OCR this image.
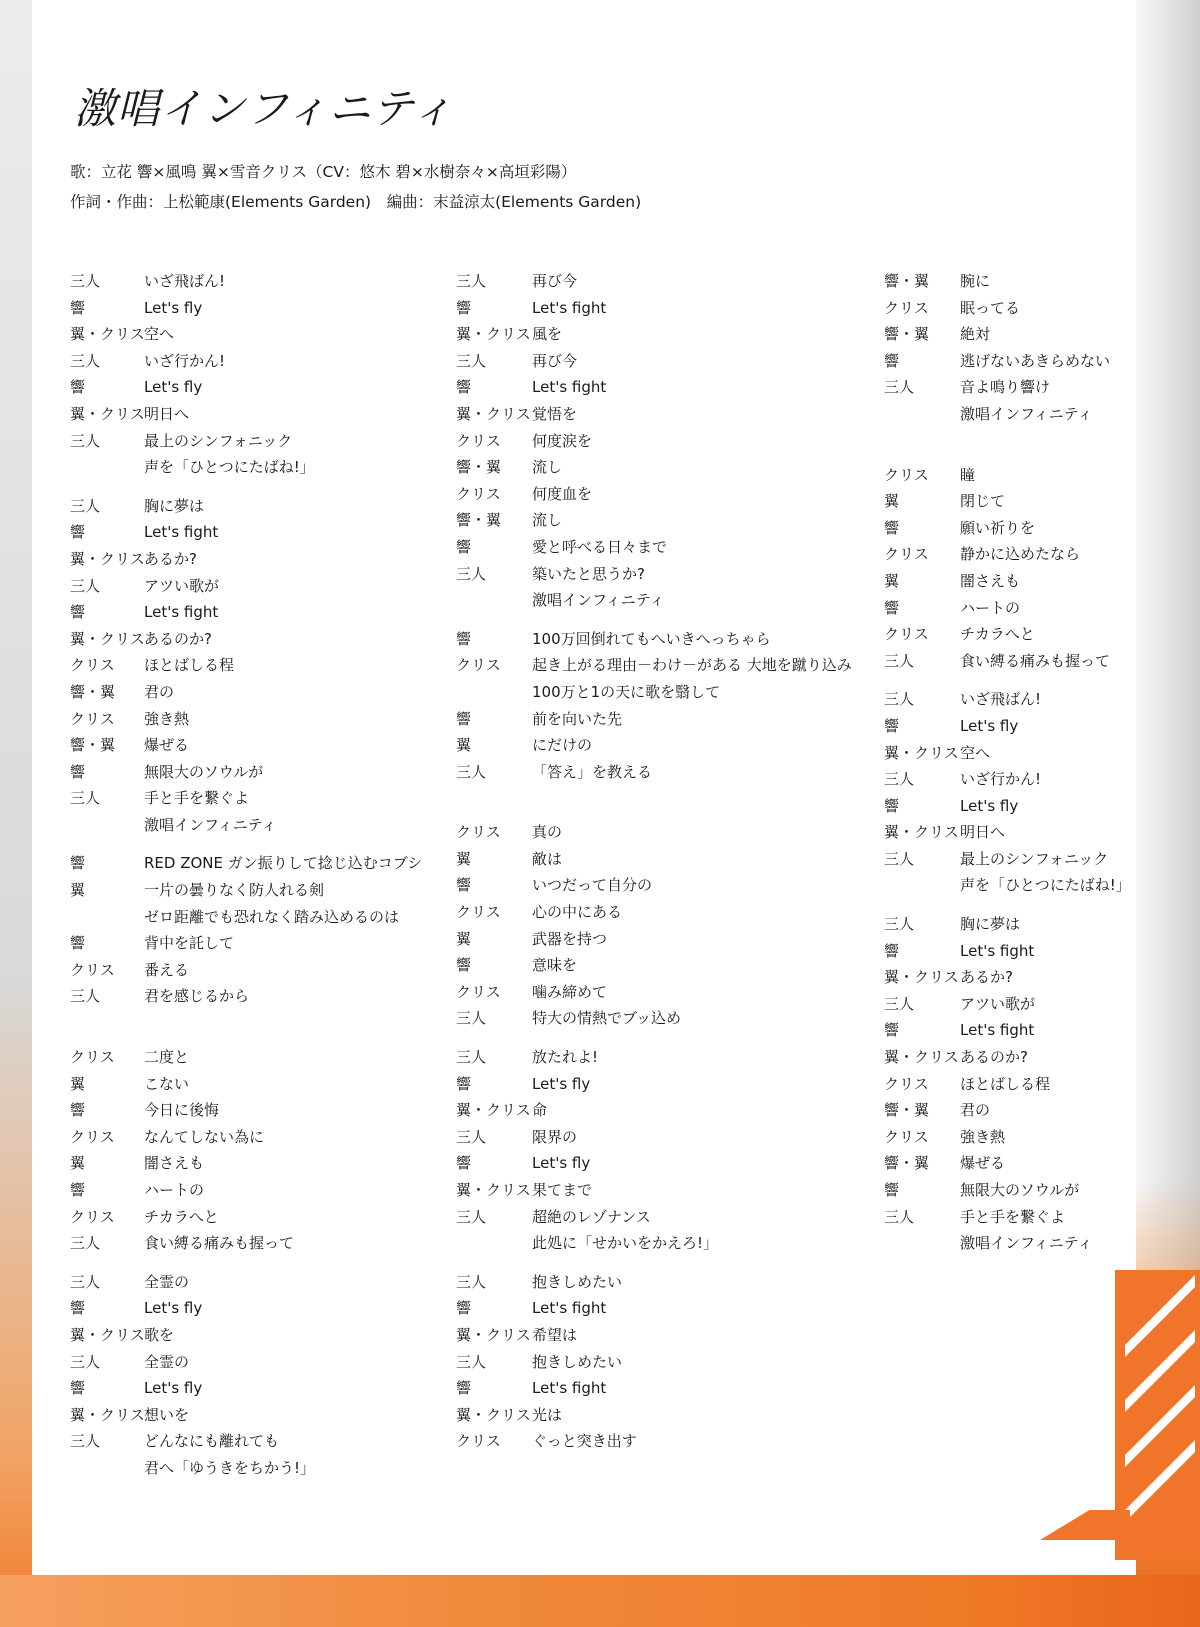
激唱インフィニティ
歌：立花 響×風鳴 翼×雪音クリス（CV：悠木 碧×水樹奈々×高垣彩陽）
作詞・作曲：上松範康(Elements Garden)　編曲：末益涼太(Elements Garden)
三人	いざ飛ばん!
響	Let's fly
翼・クリス 空へ
三人	いざ行かん!
響	Let's fly
翼・クリス 明日へ
三人	最上のシンフォニック
声を「ひとつにたばね!」
三人	胸に夢は
響	Let's fight
翼・クリス あるか?
三人	アツい歌が
響	Let's fight
翼・クリス あるのか?
クリス	ほとばしる程
響・翼	君の
クリス	強き熱
響・翼	爆ぜる
響	無限大のソウルが
三人	手と手を繋ぐよ
激唱インフィニティ
響	RED ZONE ガン振りして捻じ込むコブシ
翼	一片の曇りなく防人れる剣
ゼロ距離でも恐れなく踏み込めるのは
響	背中を託して
クリス	番える
三人	君を感じるから
クリス	二度と
翼	こない
響	今日に後悔
クリス	なんてしない為に
翼	闇さえも
響	ハートの
クリス	チカラへと
三人	食い縛る痛みも握って
三人	全霊の
響	Let's fly
翼・クリス 歌を
三人	全霊の
響	Let's fly
翼・クリス 想いを
三人	どんなにも離れても
君へ「ゆうきをちかう!」
三人	再び今
響	Let's fight
翼・クリス 風を
三人	再び今
響	Let's fight
翼・クリス 覚悟を
クリス	何度涙を
響・翼	流し
クリス	何度血を
響・翼	流し
響	愛と呼べる日々まで
三人	築いたと思うか?
激唱インフィニティ
響	100万回倒れてもへいきへっちゃら
クリス	起き上がる理由－わけ－がある 大地を蹴り込み
100万と1の天に歌を翳して
響	前を向いた先
翼	にだけの
三人	「答え」を教える
クリス	真の
翼	敵は
響	いつだって自分の
クリス	心の中にある
翼	武器を持つ
響	意味を
クリス	噛み締めて
三人	特大の情熱でブッ込め
三人	放たれよ!
響	Let's fly
翼・クリス 命
三人	限界の
響	Let's fly
翼・クリス 果てまで
三人	超絶のレゾナンス
此処に「せかいをかえろ!」
三人	抱きしめたい
響	Let's fight
翼・クリス 希望は
三人	抱きしめたい
響	Let's fight
翼・クリス 光は
クリス	ぐっと突き出す
響・翼	腕に
クリス	眠ってる
響・翼	絶対
響	逃げないあきらめない
三人	音よ鳴り響け
激唱インフィニティ
クリス	瞳
翼	閉じて
響	願い祈りを
クリス	静かに込めたなら
翼	闇さえも
響	ハートの
クリス	チカラへと
三人	食い縛る痛みも握って
三人	いざ飛ばん!
響	Let's fly
翼・クリス 空へ
三人	いざ行かん!
響	Let's fly
翼・クリス 明日へ
三人	最上のシンフォニック
声を「ひとつにたばね!」
三人	胸に夢は
響	Let's fight
翼・クリス あるか?
三人	アツい歌が
響	Let's fight
翼・クリス あるのか?
クリス	ほとばしる程
響・翼	君の
クリス	強き熱
響・翼	爆ぜる
響	無限大のソウルが
三人	手と手を繋ぐよ
激唱インフィニティ
